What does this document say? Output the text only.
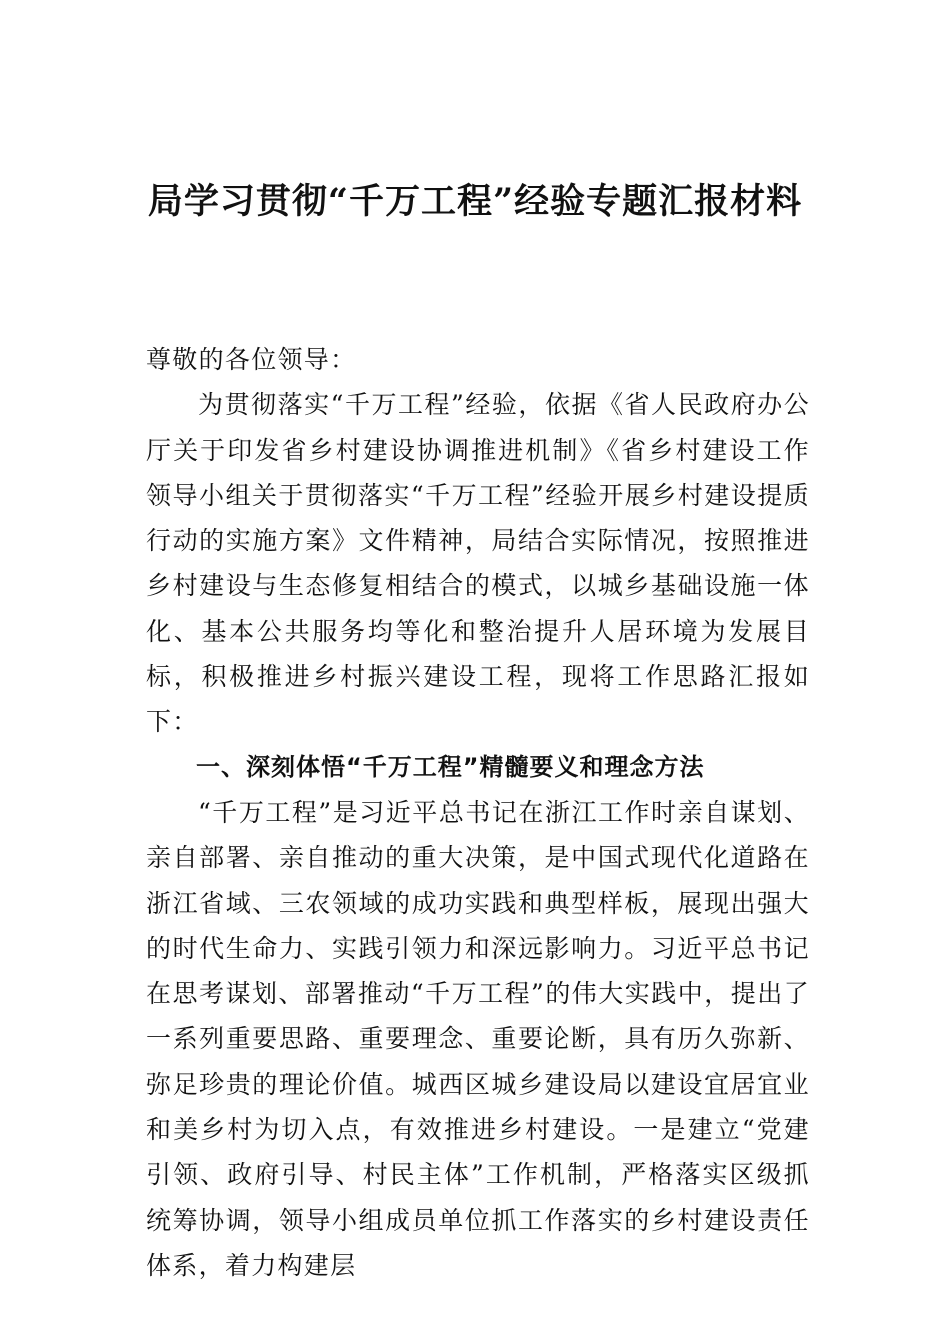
局学习贯彻“千万工程”经验专题汇报材料

尊敬的各位领导：

为贯彻落实“千万工程”经验，依据《省人民政府办公厅关于印发省乡村建设协调推进机制》《省乡村建设工作领导小组关于贯彻落实“千万工程”经验开展乡村建设提质行动的实施方案》文件精神，局结合实际情况，按照推进乡村建设与生态修复相结合的模式，以城乡基础设施一体化、基本公共服务均等化和整治提升人居环境为发展目标，积极推进乡村振兴建设工程，现将工作思路汇报如下：

一、深刻体悟“千万工程”精髓要义和理念方法

“千万工程”是习近平总书记在浙江工作时亲自谋划、亲自部署、亲自推动的重大决策，是中国式现代化道路在浙江省域、三农领域的成功实践和典型样板，展现出强大的时代生命力、实践引领力和深远影响力。习近平总书记在思考谋划、部署推动“千万工程”的伟大实践中，提出了一系列重要思路、重要理念、重要论断，具有历久弥新、弥足珍贵的理论价值。城西区城乡建设局以建设宜居宜业和美乡村为切入点，有效推进乡村建设。一是建立“党建引领、政府引导、村民主体”工作机制，严格落实区级抓统筹协调，领导小组成员单位抓工作落实的乡村建设责任体系，着力构建层
